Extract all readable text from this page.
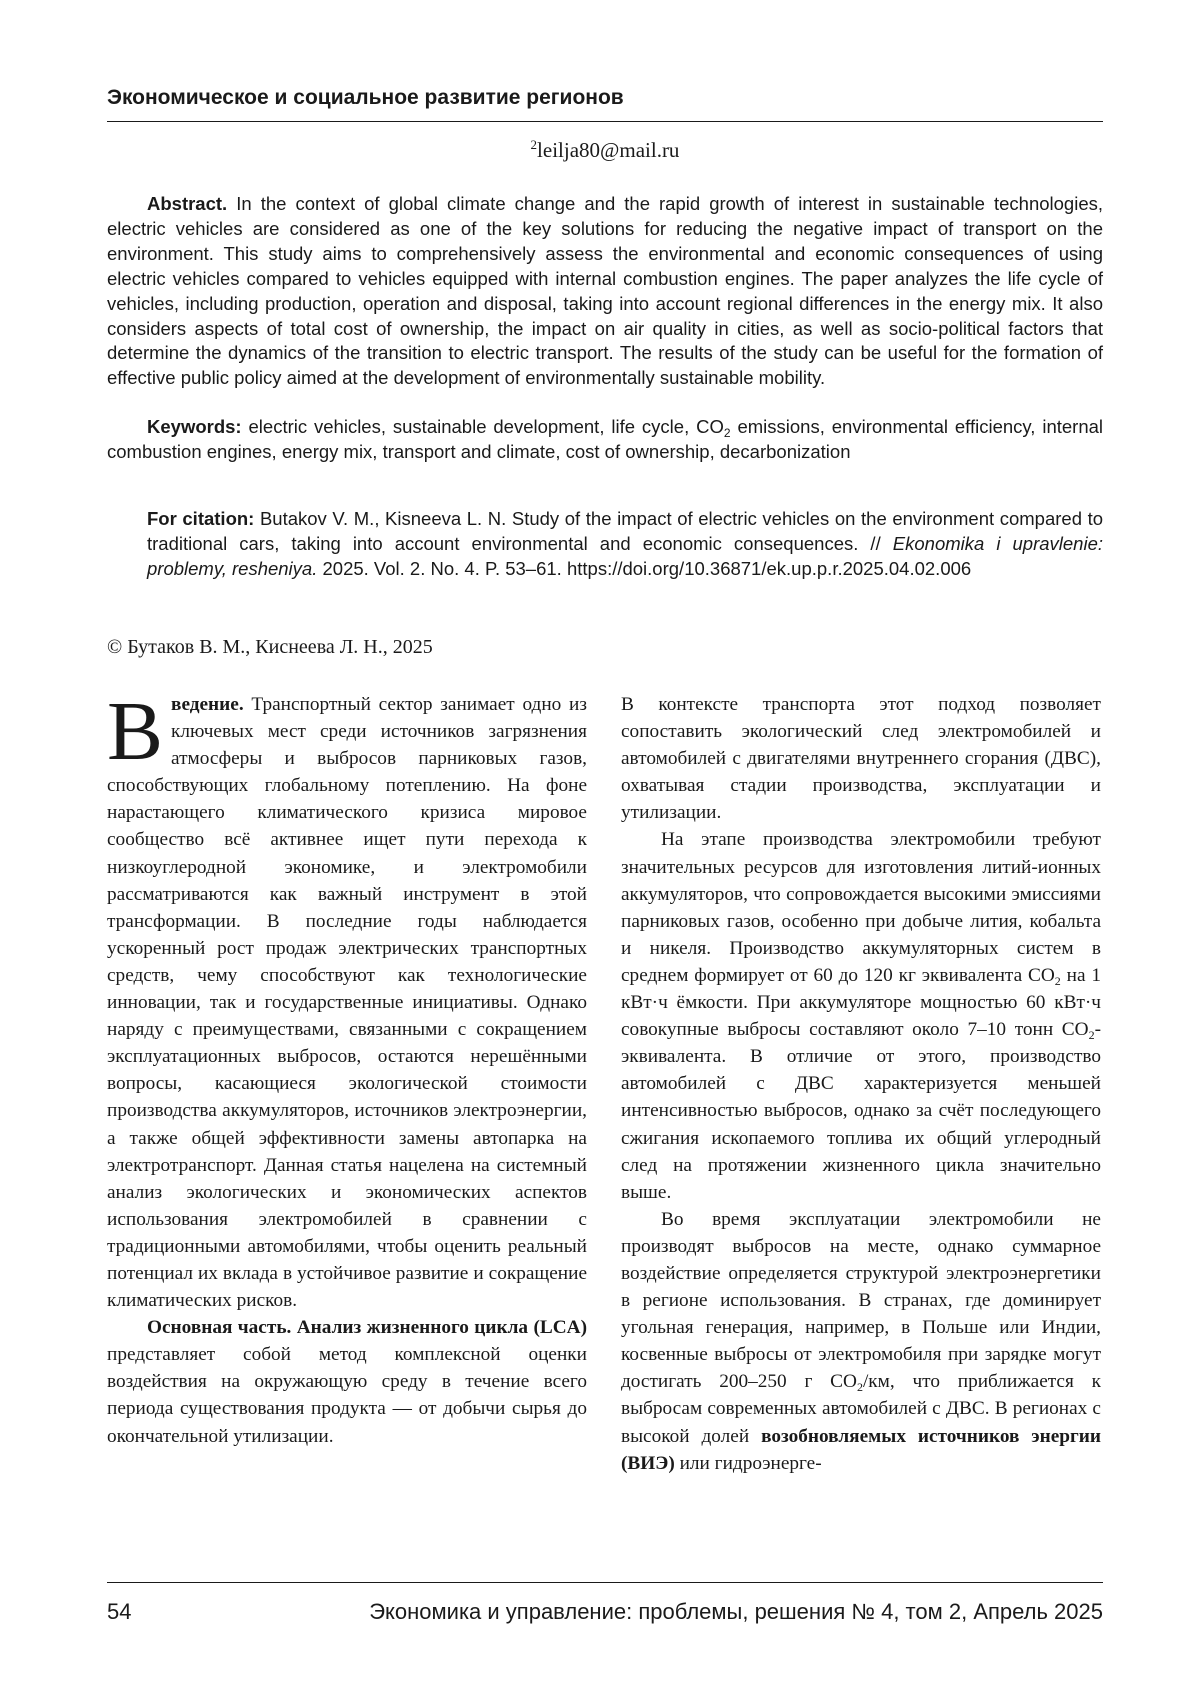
Экономическое и социальное развитие регионов
2leilja80@mail.ru
Abstract. In the context of global climate change and the rapid growth of interest in sustainable technologies, electric vehicles are considered as one of the key solutions for reducing the negative impact of transport on the environment. This study aims to comprehensively assess the environmental and economic consequences of using electric vehicles compared to vehicles equipped with internal combustion engines. The paper analyzes the life cycle of vehicles, including production, operation and disposal, taking into account regional differences in the energy mix. It also considers aspects of total cost of ownership, the impact on air quality in cities, as well as socio-political factors that determine the dynamics of the transition to electric transport. The results of the study can be useful for the formation of effective public policy aimed at the development of environmentally sustainable mobility.
Keywords: electric vehicles, sustainable development, life cycle, CO2 emissions, environmental efficiency, internal combustion engines, energy mix, transport and climate, cost of ownership, decarbonization
For citation: Butakov V. M., Kisneeva L. N. Study of the impact of electric vehicles on the environment compared to traditional cars, taking into account environmental and economic consequences. // Ekonomika i upravlenie: problemy, resheniya. 2025. Vol. 2. No. 4. P. 53–61. https://doi.org/10.36871/ek.up.p.r.2025.04.02.006
© Бутаков В. М., Киснеева Л. Н., 2025

В ведение. Транспортный сектор занимает одно из ключевых мест среди источников загрязнения атмосферы и выбросов парниковых газов, способствующих глобальному потеплению. На фоне нарастающего климатического кризиса мировое сообщество всё активнее ищет пути перехода к низкоуглеродной экономике, и электромобили рассматриваются как важный инструмент в этой трансформации. В последние годы наблюдается ускоренный рост продаж электрических транспортных средств, чему способствуют как технологические инновации, так и государственные инициативы. Однако наряду с преимуществами, связанными с сокращением эксплуатационных выбросов, остаются нерешёнными вопросы, касающиеся экологической стоимости производства аккумуляторов, источников электроэнергии, а также общей эффективности замены автопарка на электротранспорт. Данная статья нацелена на системный анализ экологических и экономических аспектов использования электромобилей в сравнении с традиционными автомобилями, чтобы оценить реальный потенциал их вклада в устойчивое развитие и сокращение климатических рисков.

Основная часть. Анализ жизненного цикла (LCA) представляет собой метод комплексной оценки воздействия на окружающую среду в течение всего периода существования продукта — от добычи сырья до окончательной утилизации.

В контексте транспорта этот подход позволяет сопоставить экологический след электромобилей и автомобилей с двигателями внутреннего сгорания (ДВС), охватывая стадии производства, эксплуатации и утилизации.

На этапе производства электромобили требуют значительных ресурсов для изготовления литий-ионных аккумуляторов, что сопровождается высокими эмиссиями парниковых газов, особенно при добыче лития, кобальта и никеля. Производство аккумуляторных систем в среднем формирует от 60 до 120 кг эквивалента CO2 на 1 кВт·ч ёмкости. При аккумуляторе мощностью 60 кВт·ч совокупные выбросы составляют около 7–10 тонн CO2-эквивалента. В отличие от этого, производство автомобилей с ДВС характеризуется меньшей интенсивностью выбросов, однако за счёт последующего сжигания ископаемого топлива их общий углеродный след на протяжении жизненного цикла значительно выше.

Во время эксплуатации электромобили не производят выбросов на месте, однако суммарное воздействие определяется структурой электроэнергетики в регионе использования. В странах, где доминирует угольная генерация, например, в Польше или Индии, косвенные выбросы от электромобиля при зарядке могут достигать 200–250 г CO2/км, что приближается к выбросам современных автомобилей с ДВС. В регионах с высокой долей возобновляемых источников энергии (ВИЭ) или гидроэнерге-

54	Экономика и управление: проблемы, решения № 4, том 2, Апрель 2025
